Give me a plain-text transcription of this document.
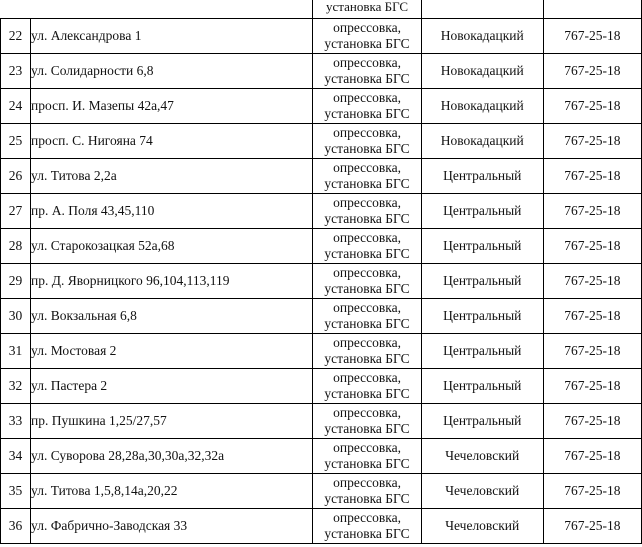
		установка БГС		
22	ул. Александрова 1	опрессовка,
установка БГС	Новокадацкий	767-25-18
23	ул. Солидарности 6,8	опрессовка,
установка БГС	Новокадацкий	767-25-18
24	просп. И. Мазепы 42а,47	опрессовка,
установка БГС	Новокадацкий	767-25-18
25	просп. С. Нигояна 74	опрессовка,
установка БГС	Новокадацкий	767-25-18
26	ул. Титова 2,2а	опрессовка,
установка БГС	Центральный	767-25-18
27	пр. А. Поля 43,45,110	опрессовка,
установка БГС	Центральный	767-25-18
28	ул. Старокозацкая 52а,68	опрессовка,
установка БГС	Центральный	767-25-18
29	пр. Д. Яворницкого 96,104,113,119	опрессовка,
установка БГС	Центральный	767-25-18
30	ул. Вокзальная 6,8	опрессовка,
установка БГС	Центральный	767-25-18
31	ул. Мостовая 2	опрессовка,
установка БГС	Центральный	767-25-18
32	ул. Пастера 2	опрессовка,
установка БГС	Центральный	767-25-18
33	пр. Пушкина 1,25/27,57	опрессовка,
установка БГС	Центральный	767-25-18
34	ул. Суворова 28,28а,30,30а,32,32а	опрессовка,
установка БГС	Чечеловский	767-25-18
35	ул. Титова 1,5,8,14а,20,22	опрессовка,
установка БГС	Чечеловский	767-25-18
36	ул. Фабрично-Заводская 33	опрессовка,
установка БГС	Чечеловский	767-25-18
